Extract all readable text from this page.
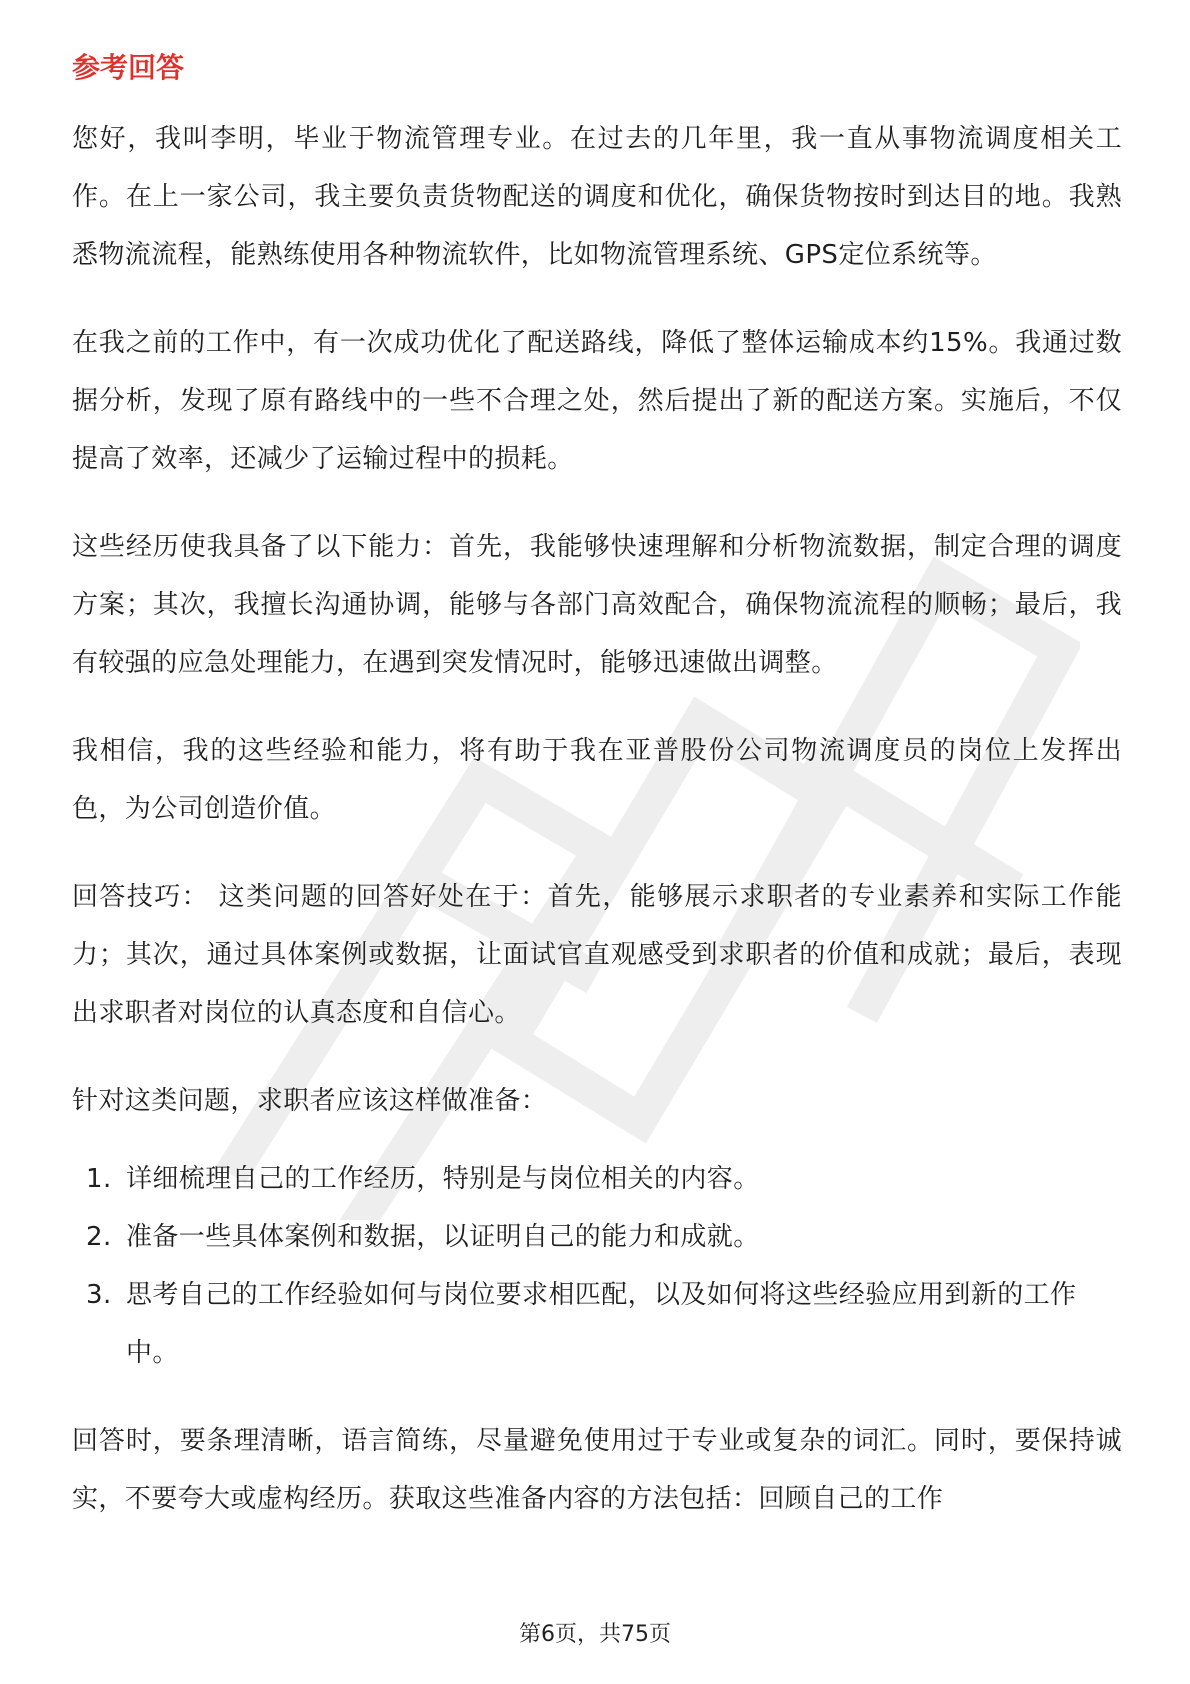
参考回答

您好，我叫李明，毕业于物流管理专业。在过去的几年里，我一直从事物流调度相关工作。在上一家公司，我主要负责货物配送的调度和优化，确保货物按时到达目的地。我熟悉物流流程，能熟练使用各种物流软件，比如物流管理系统、GPS定位系统等。

在我之前的工作中，有一次成功优化了配送路线，降低了整体运输成本约15%。我通过数据分析，发现了原有路线中的一些不合理之处，然后提出了新的配送方案。实施后，不仅提高了效率，还减少了运输过程中的损耗。

这些经历使我具备了以下能力：首先，我能够快速理解和分析物流数据，制定合理的调度方案；其次，我擅长沟通协调，能够与各部门高效配合，确保物流流程的顺畅；最后，我有较强的应急处理能力，在遇到突发情况时，能够迅速做出调整。

我相信，我的这些经验和能力，将有助于我在亚普股份公司物流调度员的岗位上发挥出色，为公司创造价值。

回答技巧： 这类问题的回答好处在于：首先，能够展示求职者的专业素养和实际工作能力；其次，通过具体案例或数据，让面试官直观感受到求职者的价值和成就；最后，表现出求职者对岗位的认真态度和自信心。

针对这类问题，求职者应该这样做准备：

1. 详细梳理自己的工作经历，特别是与岗位相关的内容。
2. 准备一些具体案例和数据，以证明自己的能力和成就。
3. 思考自己的工作经验如何与岗位要求相匹配，以及如何将这些经验应用到新的工作中。

回答时，要条理清晰，语言简练，尽量避免使用过于专业或复杂的词汇。同时，要保持诚实，不要夸大或虚构经历。获取这些准备内容的方法包括：回顾自己的工作

第6页，共75页
